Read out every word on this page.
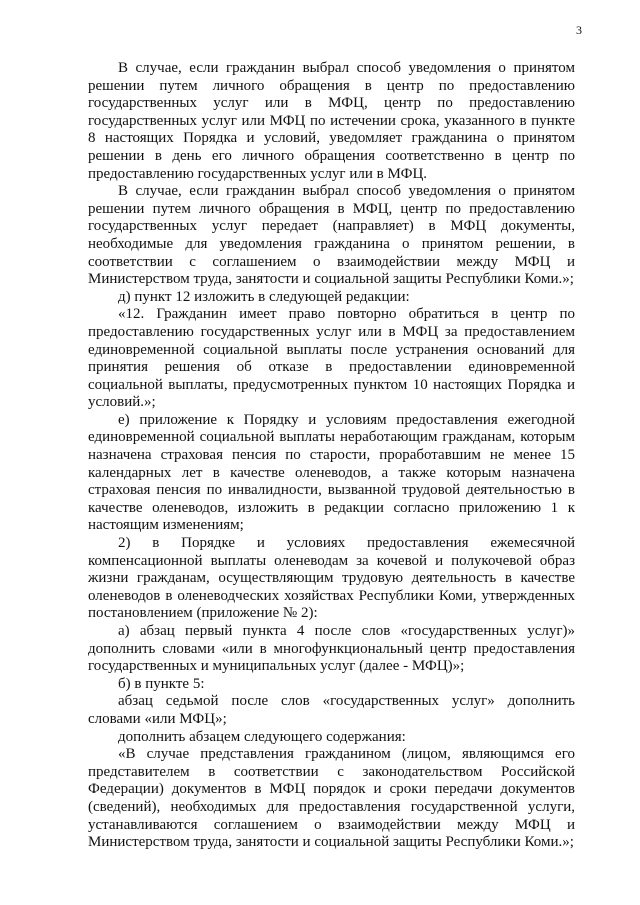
3

В случае, если гражданин выбрал способ уведомления о принятом решении путем личного обращения в центр по предоставлению государственных услуг или в МФЦ, центр по предоставлению государственных услуг или МФЦ по истечении срока, указанного в пункте 8 настоящих Порядка и условий, уведомляет гражданина о принятом решении в день его личного обращения соответственно в центр по предоставлению государственных услуг или в МФЦ.

В случае, если гражданин выбрал способ уведомления о принятом решении путем личного обращения в МФЦ, центр по предоставлению государственных услуг передает (направляет) в МФЦ документы, необходимые для уведомления гражданина о принятом решении, в соответствии с соглашением о взаимодействии между МФЦ и Министерством труда, занятости и социальной защиты Республики Коми.»;

д) пункт 12 изложить в следующей редакции:

«12. Гражданин имеет право повторно обратиться в центр по предоставлению государственных услуг или в МФЦ за предоставлением единовременной социальной выплаты после устранения оснований для принятия решения об отказе в предоставлении единовременной социальной выплаты, предусмотренных пунктом 10 настоящих Порядка и условий.»;

е) приложение к Порядку и условиям предоставления ежегодной единовременной социальной выплаты неработающим гражданам, которым назначена страховая пенсия по старости, проработавшим не менее 15 календарных лет в качестве оленеводов, а также которым назначена страховая пенсия по инвалидности, вызванной трудовой деятельностью в качестве оленеводов, изложить в редакции согласно приложению 1 к настоящим изменениям;

2) в Порядке и условиях предоставления ежемесячной компенсационной выплаты оленеводам за кочевой и полукочевой образ жизни гражданам, осуществляющим трудовую деятельность в качестве оленеводов в оленеводческих хозяйствах Республики Коми, утвержденных постановлением (приложение № 2):

а) абзац первый пункта 4 после слов «государственных услуг)» дополнить словами «или в многофункциональный центр предоставления государственных и муниципальных услуг (далее - МФЦ)»;

б) в пункте 5:

абзац седьмой после слов «государственных услуг» дополнить словами «или МФЦ»;

дополнить абзацем следующего содержания:

«В случае представления гражданином (лицом, являющимся его представителем в соответствии с законодательством Российской Федерации) документов в МФЦ порядок и сроки передачи документов (сведений), необходимых для предоставления государственной услуги, устанавливаются соглашением о взаимодействии между МФЦ и Министерством труда, занятости и социальной защиты Республики Коми.»;
